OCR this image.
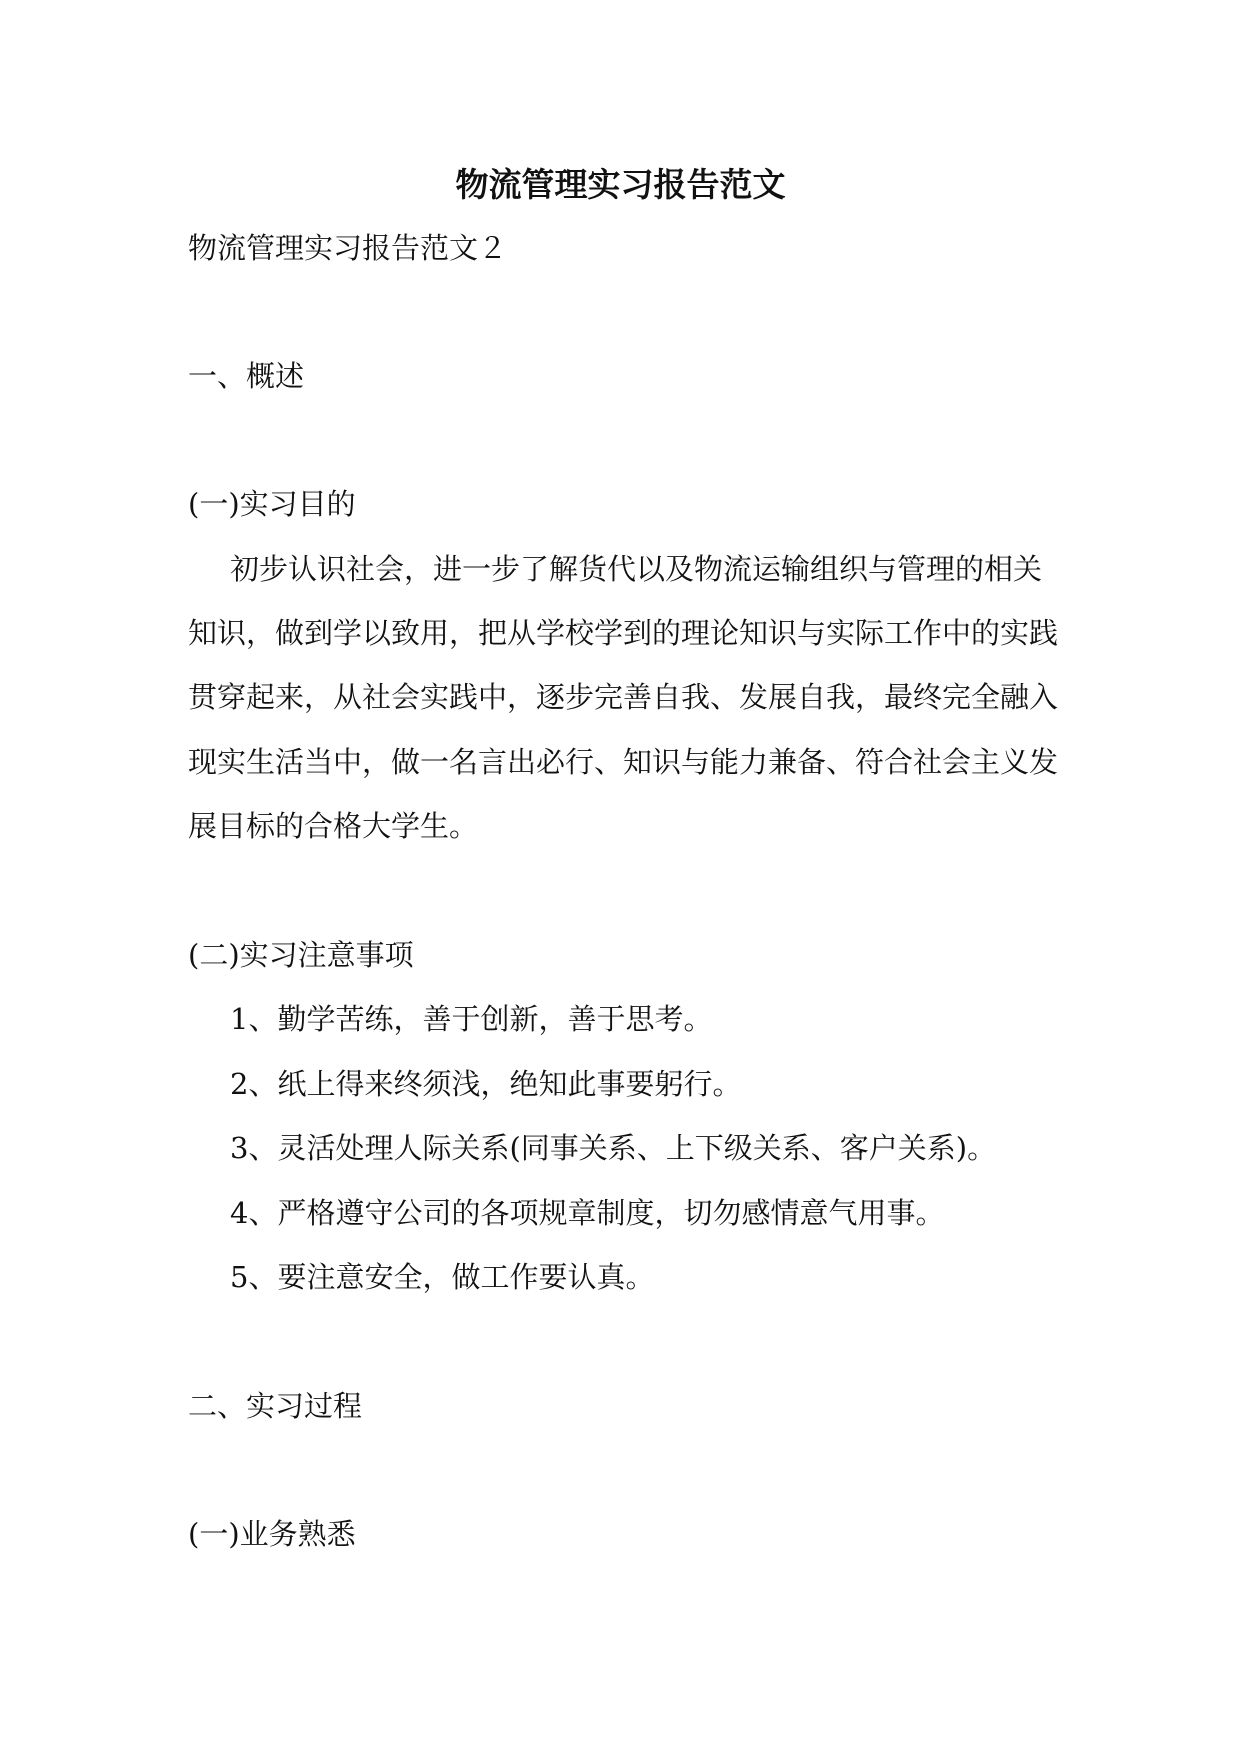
物流管理实习报告范文
物流管理实习报告范文２
一、概述
(一)实习目的
初步认识社会，进一步了解货代以及物流运输组织与管理的相关
知识，做到学以致用，把从学校学到的理论知识与实际工作中的实践
贯穿起来，从社会实践中，逐步完善自我、发展自我，最终完全融入
现实生活当中，做一名言出必行、知识与能力兼备、符合社会主义发
展目标的合格大学生。
(二)实习注意事项
1、勤学苦练，善于创新，善于思考。
2、纸上得来终须浅，绝知此事要躬行。
3、灵活处理人际关系(同事关系、上下级关系、客户关系)。
4、严格遵守公司的各项规章制度，切勿感情意气用事。
5、要注意安全，做工作要认真。
二、实习过程
(一)业务熟悉
